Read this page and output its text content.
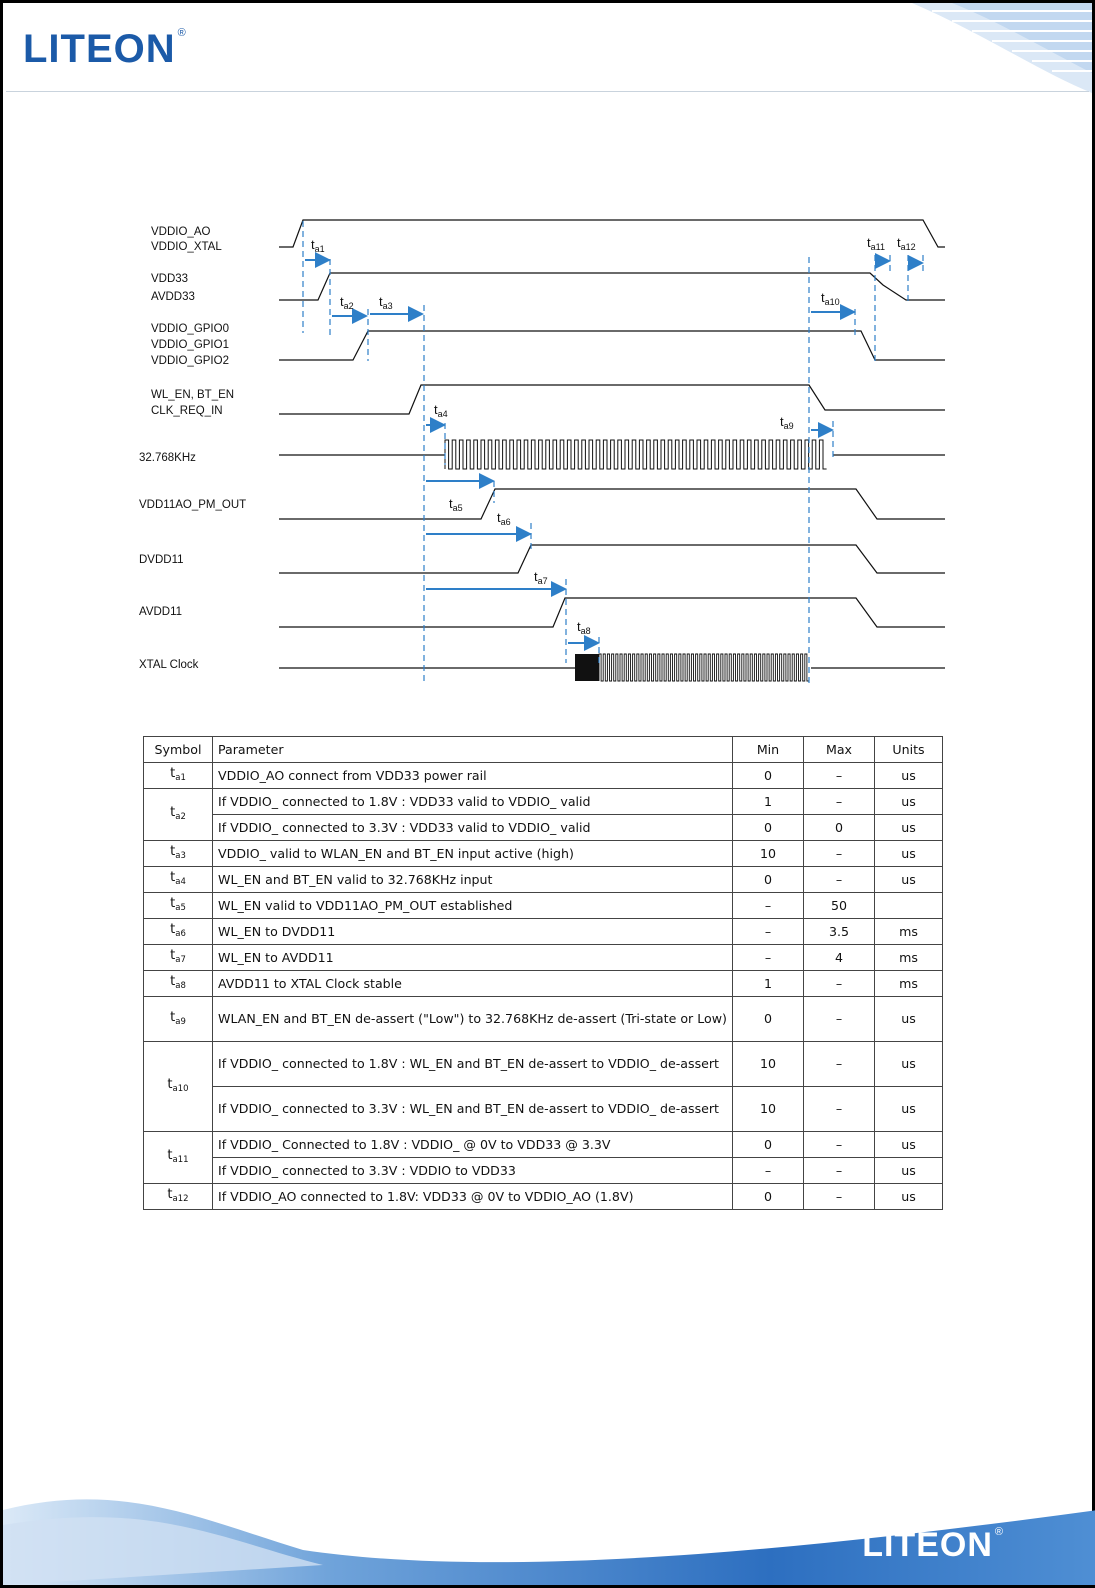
LITEON ®
VDDIO_AO
VDDIO_XTAL
VDD33
AVDD33
VDDIO_GPIO0
VDDIO_GPIO1
VDDIO_GPIO2
WL_EN, BT_EN
CLK_REQ_IN
32.768KHz
VDD11AO_PM_OUT
DVDD11
AVDD11
XTAL Clock
$t_{a1}$
$t_{a2}$ $t_{a3}$
$t_{a4}$
$t_{a5}$
$t_{a6}$
$t_{a7}$
$t_{a8}$
$t_{a9}$
$t_{a10}$
$t_{a11}$ $t_{a12}$
Symbol	Parameter	Min	Max	Units
$t_{a1}$	VDDIO_AO connect from VDD33 power rail	0	–	us
$t_{a2}$	If VDDIO_ connected to 1.8V : VDD33 valid to VDDIO_ valid	1	–	us
	If VDDIO_ connected to 3.3V : VDD33 valid to VDDIO_ valid	0	0	us
$t_{a3}$	VDDIO_ valid to WLAN_EN and BT_EN input active (high)	10	–	us
$t_{a4}$	WL_EN and BT_EN valid to 32.768KHz input	0	–	us
$t_{a5}$	WL_EN valid to VDD11AO_PM_OUT established	–	50	
$t_{a6}$	WL_EN to DVDD11	–	3.5	ms
$t_{a7}$	WL_EN to AVDD11	–	4	ms
$t_{a8}$	AVDD11 to XTAL Clock stable	1	–	ms
$t_{a9}$	WLAN_EN and BT_EN de-assert ("Low") to 32.768KHz de-assert (Tri-state or Low)	0	–	us
$t_{a10}$	If VDDIO_ connected to 1.8V : WL_EN and BT_EN de-assert to VDDIO_ de-assert	10	–	us
	If VDDIO_ connected to 3.3V : WL_EN and BT_EN de-assert to VDDIO_ de-assert	10	–	us
$t_{a11}$	If VDDIO_ Connected to 1.8V : VDDIO_ @ 0V to VDD33 @ 3.3V	0	–	us
	If VDDIO_ connected to 3.3V : VDDIO to VDD33	–	–	us
$t_{a12}$	If VDDIO_AO connected to 1.8V: VDD33 @ 0V to VDDIO_AO (1.8V)	0	–	us
LITEON ®
